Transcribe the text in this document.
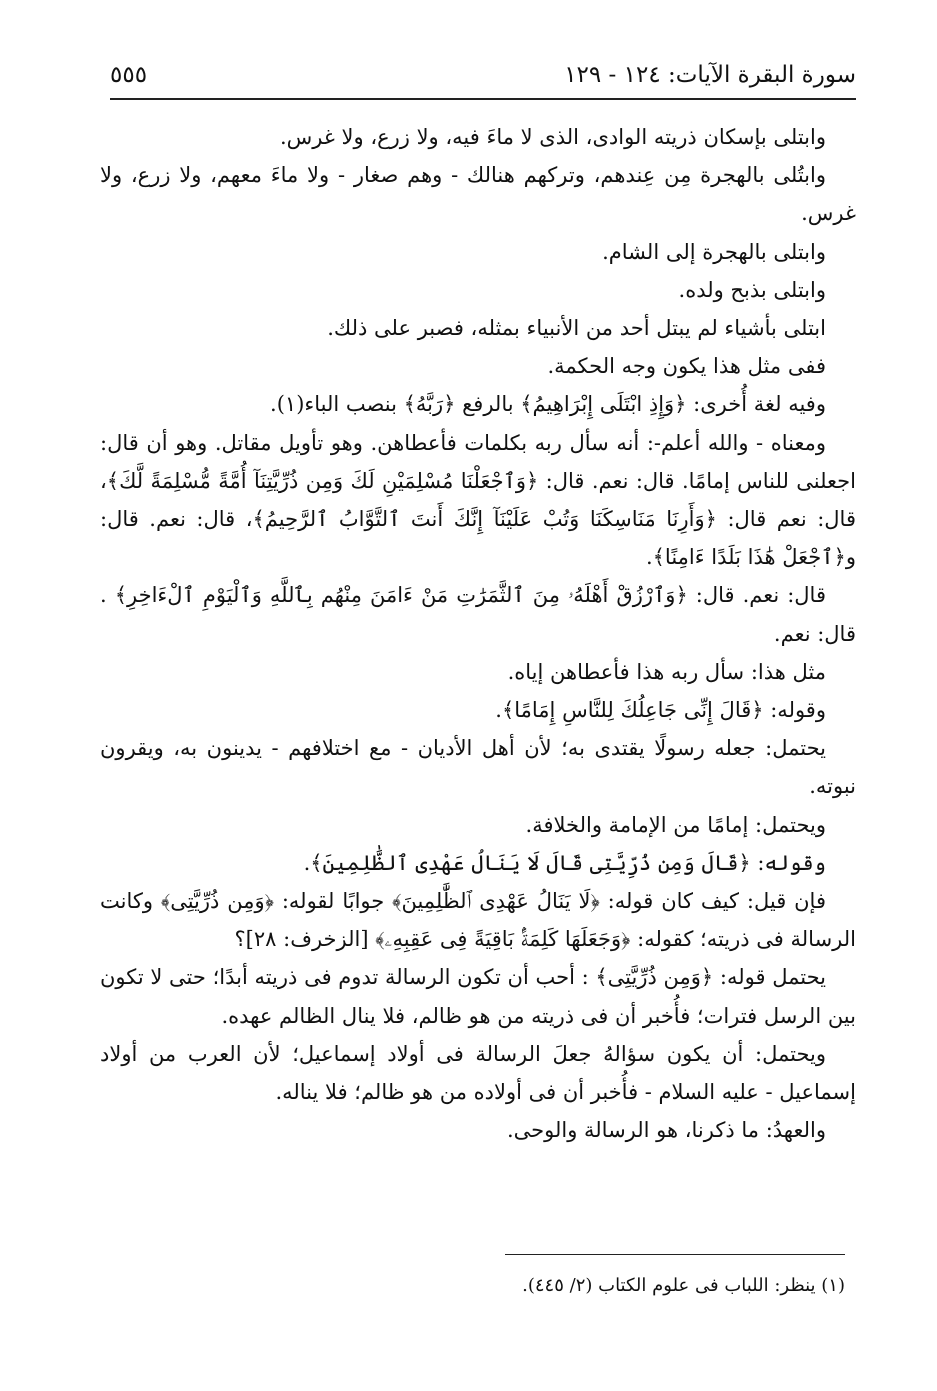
سورة البقرة الآيات: ١٢٤ - ١٢٩
٥٥٥

وابتلى بإسكان ذريته الوادى، الذى لا ماءَ فيه، ولا زرع، ولا غرس.

وابتُلى بالهجرة مِن عِندهم، وتركهم هنالك - وهم صغار - ولا ماءَ معهم، ولا زرع، ولا غرس.

وابتلى بالهجرة إلى الشام.

وابتلى بذبح ولده.

ابتلى بأشياء لم يبتل أحد من الأنبياء بمثله، فصبر على ذلك.

ففى مثل هذا يكون وجه الحكمة.

وفيه لغة أُخرى: ﴿وَإِذِ ابْتَلَى إِبْرَاهِيمُ﴾ بالرفع ﴿رَبَّهُ﴾ بنصب الباء(١).

ومعناه - والله أعلم-: أنه سأل ربه بكلمات فأعطاهن. وهو تأويل مقاتل. وهو أن قال: اجعلنى للناس إمامًا. قال: نعم. قال: ﴿وَٱجْعَلْنَا مُسْلِمَيْنِ لَكَ وَمِن ذُرِّيَّتِنَآ أُمَّةً مُّسْلِمَةً لَّكَ﴾، قال: نعم قال: ﴿وَأَرِنَا مَنَاسِكَنَا وَتُبْ عَلَيْنَآ إِنَّكَ أَنتَ ٱلتَّوَّابُ ٱلرَّحِيمُ﴾، قال: نعم. قال: و﴿ٱجْعَلْ هَٰذَا بَلَدًا ءَامِنًا﴾.

قال: نعم. قال: ﴿وَٱرْزُقْ أَهْلَهُۥ مِنَ ٱلثَّمَرَٰتِ مَنْ ءَامَنَ مِنْهُم بِٱللَّهِ وَٱلْيَوْمِ ٱلْءَاخِرِ﴾ . قال: نعم.

مثل هذا: سأل ربه هذا فأعطاهن إياه.

وقوله: ﴿قَالَ إِنِّى جَاعِلُكَ لِلنَّاسِ إِمَامًا﴾.

يحتمل: جعله رسولًا يقتدى به؛ لأن أهل الأديان - مع اختلافهم - يدينون به، ويقرون نبوته.

ويحتمل: إمامًا من الإمامة والخلافة.

وقوله: ﴿قَالَ وَمِن ذُرِّيَّتِى قَالَ لَا يَنَالُ عَهْدِى ٱلظَّٰلِمِينَ﴾.

فإن قيل: كيف كان قوله: ﴿لَا يَنَالُ عَهْدِى ٱلظَّٰلِمِينَ﴾ جوابًا لقوله: ﴿وَمِن ذُرِّيَّتِى﴾ وكانت الرسالة فى ذريته؛ كقوله: ﴿وَجَعَلَهَا كَلِمَةًۢ بَاقِيَةً فِى عَقِبِهِۦ﴾ [الزخرف: ٢٨]؟

يحتمل قوله: ﴿وَمِن ذُرِّيَّتِى﴾ : أحب أن تكون الرسالة تدوم فى ذريته أبدًا؛ حتى لا تكون بين الرسل فترات؛ فأُخبر أن فى ذريته من هو ظالم، فلا ينال الظالم عهده.

ويحتمل: أن يكون سؤالهُ جعلَ الرسالة فى أولاد إسماعيل؛ لأن العرب من أولاد إسماعيل - عليه السلام - فأُخبر أن فى أولاده من هو ظالم؛ فلا يناله.

والعهدُ: ما ذكرنا، هو الرسالة والوحى.

(١) ينظر: اللباب فى علوم الكتاب (٢/ ٤٤٥).
